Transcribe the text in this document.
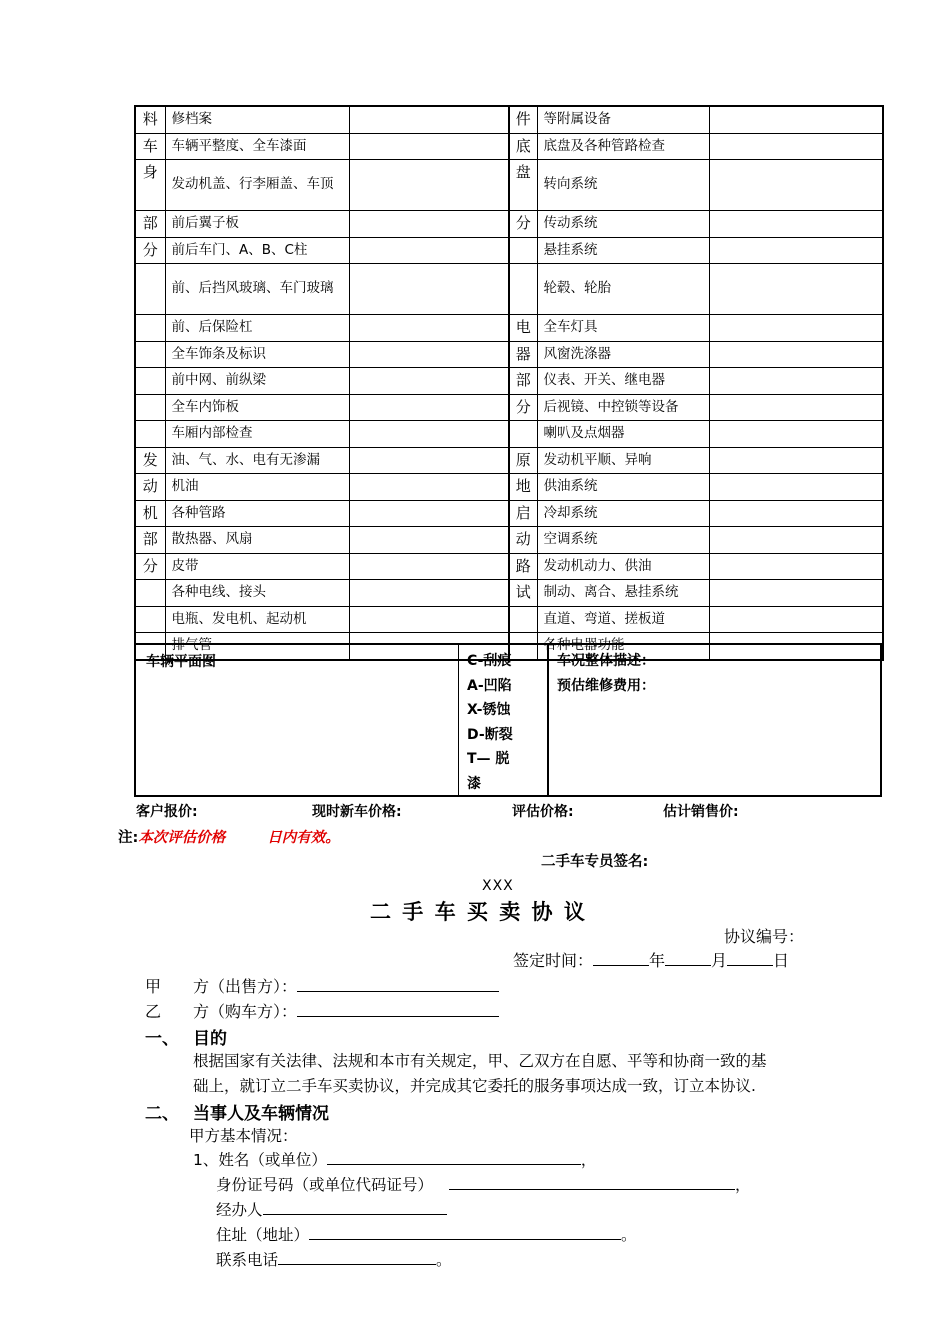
料	修档案		件	等附属设备	
车	车辆平整度、全车漆面		底	底盘及各种管路检查	
身	发动机盖、行李厢盖、车顶		盘	转向系统	
部	前后翼子板		分	传动系统	
分	前后车门、A、B、C柱			悬挂系统	
	前、后挡风玻璃、车门玻璃			轮毂、轮胎	
	前、后保险杠		电	全车灯具	
	全车饰条及标识		器	风窗洗涤器	
	前中网、前纵梁		部	仪表、开关、继电器	
	全车内饰板		分	后视镜、中控锁等设备	
	车厢内部检查			喇叭及点烟器	
发	油、气、水、电有无渗漏		原	发动机平顺、异响	
动	机油		地	供油系统	
机	各种管路		启	冷却系统	
部	散热器、风扇		动	空调系统	
分	皮带		路	发动机动力、供油	
	各种电线、接头		试	制动、离合、悬挂系统	
	电瓶、发电机、起动机			直道、弯道、搓板道	
	排气管			各种电器功能	
车辆平面图	C-刮痕
A-凹陷
X-锈蚀
D-断裂
T— 脱
漆
车况整体描述：
预估维修费用：
客户报价:	现时新车价格:	评估价格:	估计销售价:
注:本次评估价格	日内有效。
二手车专员签名:
XXX
二 手 车 买 卖 协 议
协议编号：
签定时间：	年	月	日
甲　　方（出售方）：
乙　　方（购车方）：
一、 目的
根据国家有关法律、法规和本市有关规定，甲、乙双方在自愿、平等和协商一致的基
础上，就订立二手车买卖协议，并完成其它委托的服务事项达成一致，订立本协议.
二、 当事人及车辆情况
甲方基本情况：
1、姓名（或单位）	，
身份证号码（或单位代码证号）	，
经办人
住址（地址）	。
联系电话	。
